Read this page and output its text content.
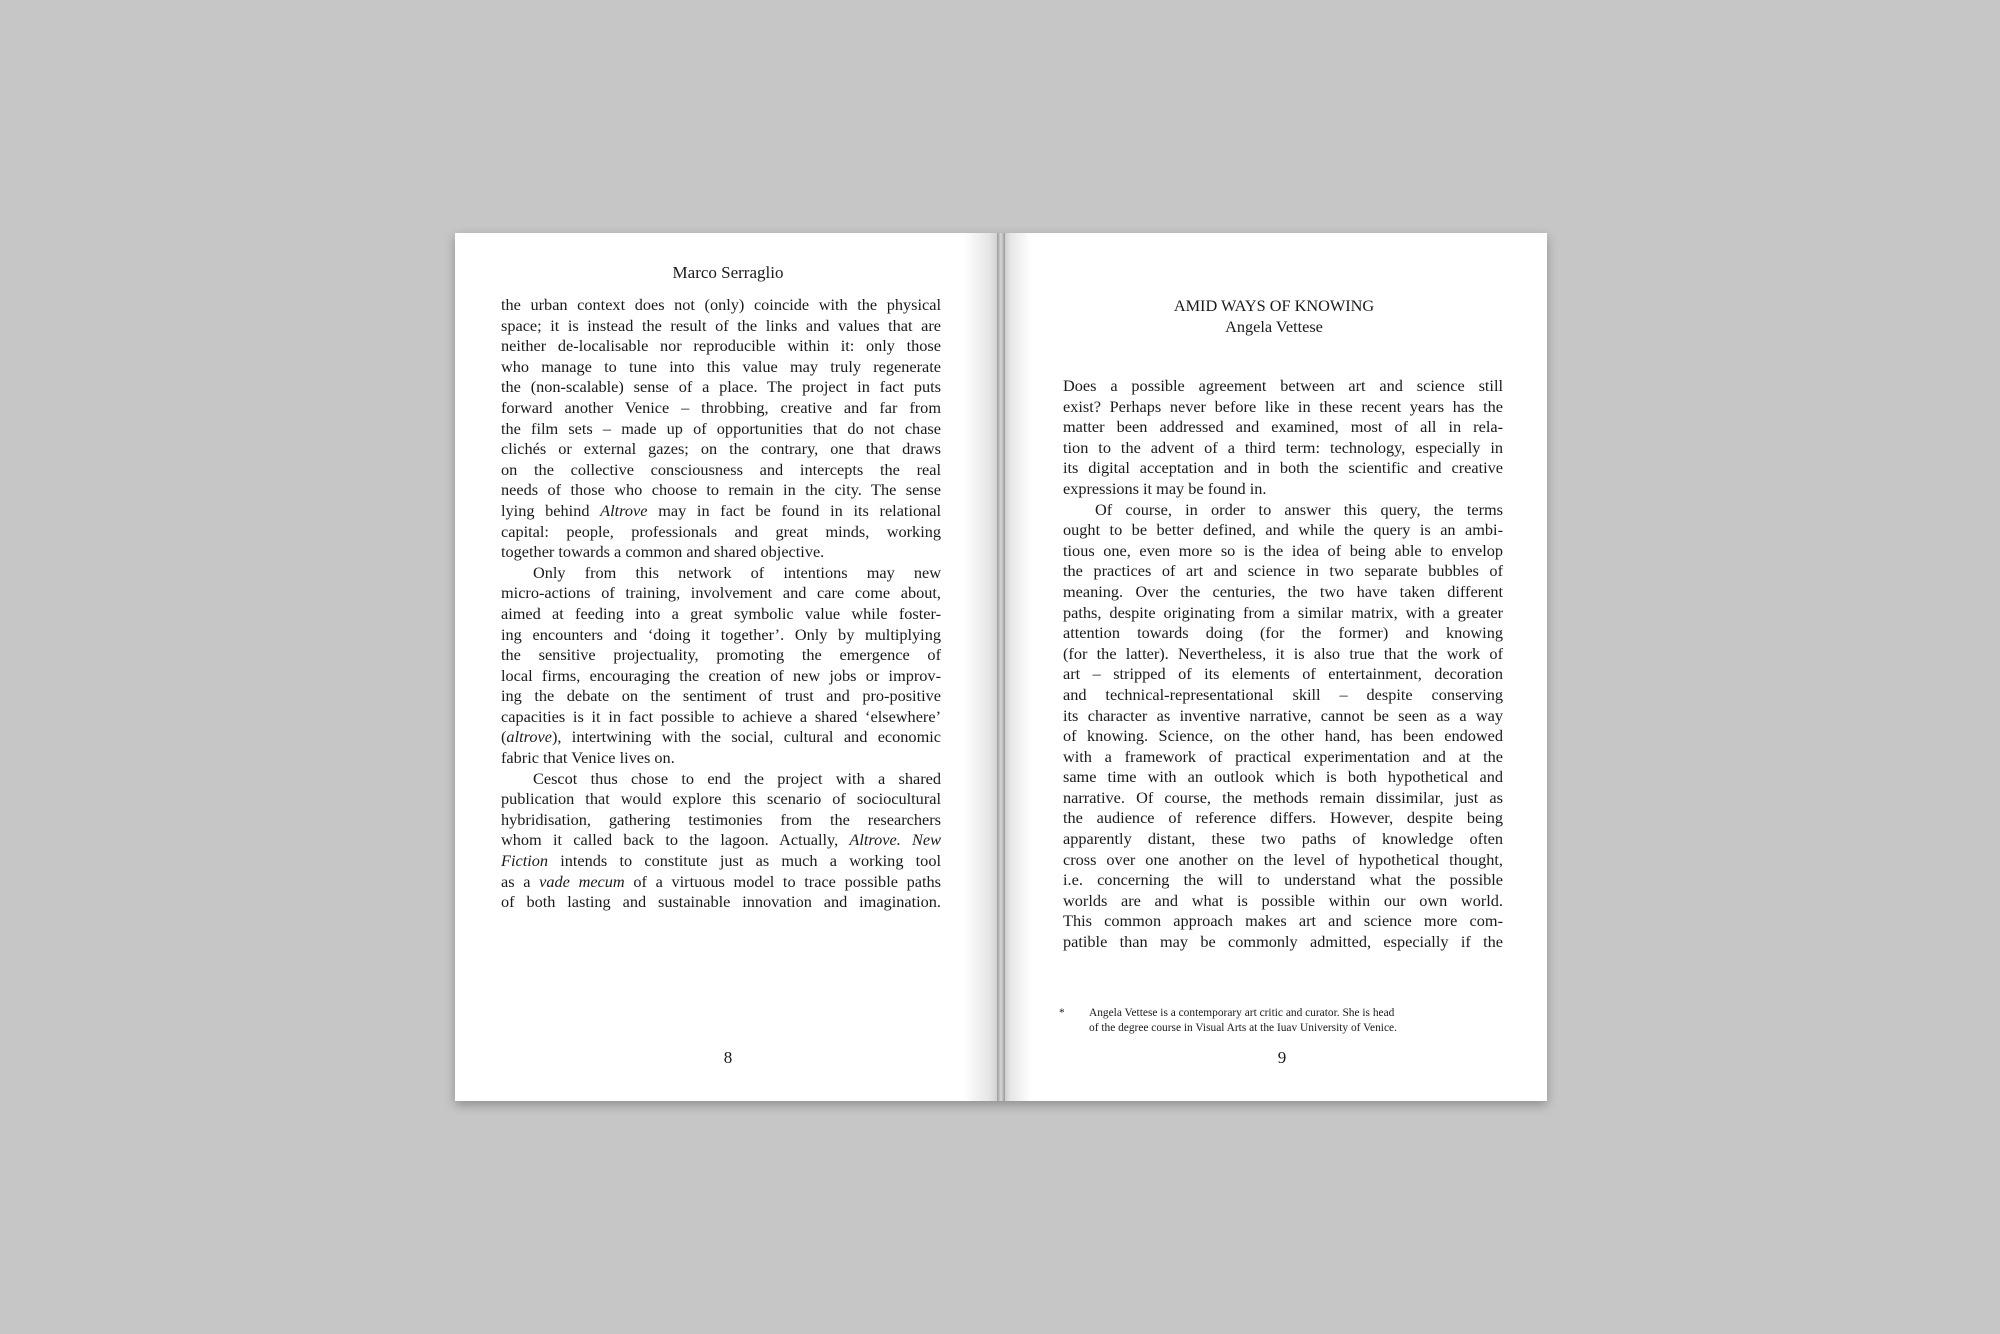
Marco Serraglio
the urban context does not (only) coincide with the physical
space; it is instead the result of the links and values that are
neither de-localisable nor reproducible within it: only those
who manage to tune into this value may truly regenerate
the (non-scalable) sense of a place. The project in fact puts
forward another Venice – throbbing, creative and far from
the film sets – made up of opportunities that do not chase
clichés or external gazes; on the contrary, one that draws
on the collective consciousness and intercepts the real
needs of those who choose to remain in the city. The sense
lying behind Altrove may in fact be found in its relational
capital: people, professionals and great minds, working
together towards a common and shared objective.
Only from this network of intentions may new
micro-actions of training, involvement and care come about,
aimed at feeding into a great symbolic value while foster-
ing encounters and ‘doing it together’. Only by multiplying
the sensitive projectuality, promoting the emergence of
local firms, encouraging the creation of new jobs or improv-
ing the debate on the sentiment of trust and pro-positive
capacities is it in fact possible to achieve a shared ‘elsewhere’
(altrove), intertwining with the social, cultural and economic
fabric that Venice lives on.
Cescot thus chose to end the project with a shared
publication that would explore this scenario of sociocultural
hybridisation, gathering testimonies from the researchers
whom it called back to the lagoon. Actually, Altrove. New
Fiction intends to constitute just as much a working tool
as a vade mecum of a virtuous model to trace possible paths
of both lasting and sustainable innovation and imagination.
8
AMID WAYS OF KNOWING
Angela Vettese
Does a possible agreement between art and science still
exist? Perhaps never before like in these recent years has the
matter been addressed and examined, most of all in rela-
tion to the advent of a third term: technology, especially in
its digital acceptation and in both the scientific and creative
expressions it may be found in.
Of course, in order to answer this query, the terms
ought to be better defined, and while the query is an ambi-
tious one, even more so is the idea of being able to envelop
the practices of art and science in two separate bubbles of
meaning. Over the centuries, the two have taken different
paths, despite originating from a similar matrix, with a greater
attention towards doing (for the former) and knowing
(for the latter). Nevertheless, it is also true that the work of
art – stripped of its elements of entertainment, decoration
and technical-representational skill – despite conserving
its character as inventive narrative, cannot be seen as a way
of knowing. Science, on the other hand, has been endowed
with a framework of practical experimentation and at the
same time with an outlook which is both hypothetical and
narrative. Of course, the methods remain dissimilar, just as
the audience of reference differs. However, despite being
apparently distant, these two paths of knowledge often
cross over one another on the level of hypothetical thought,
i.e. concerning the will to understand what the possible
worlds are and what is possible within our own world.
This common approach makes art and science more com-
patible than may be commonly admitted, especially if the
* Angela Vettese is a contemporary art critic and curator. She is head
of the degree course in Visual Arts at the Iuav University of Venice.
9
